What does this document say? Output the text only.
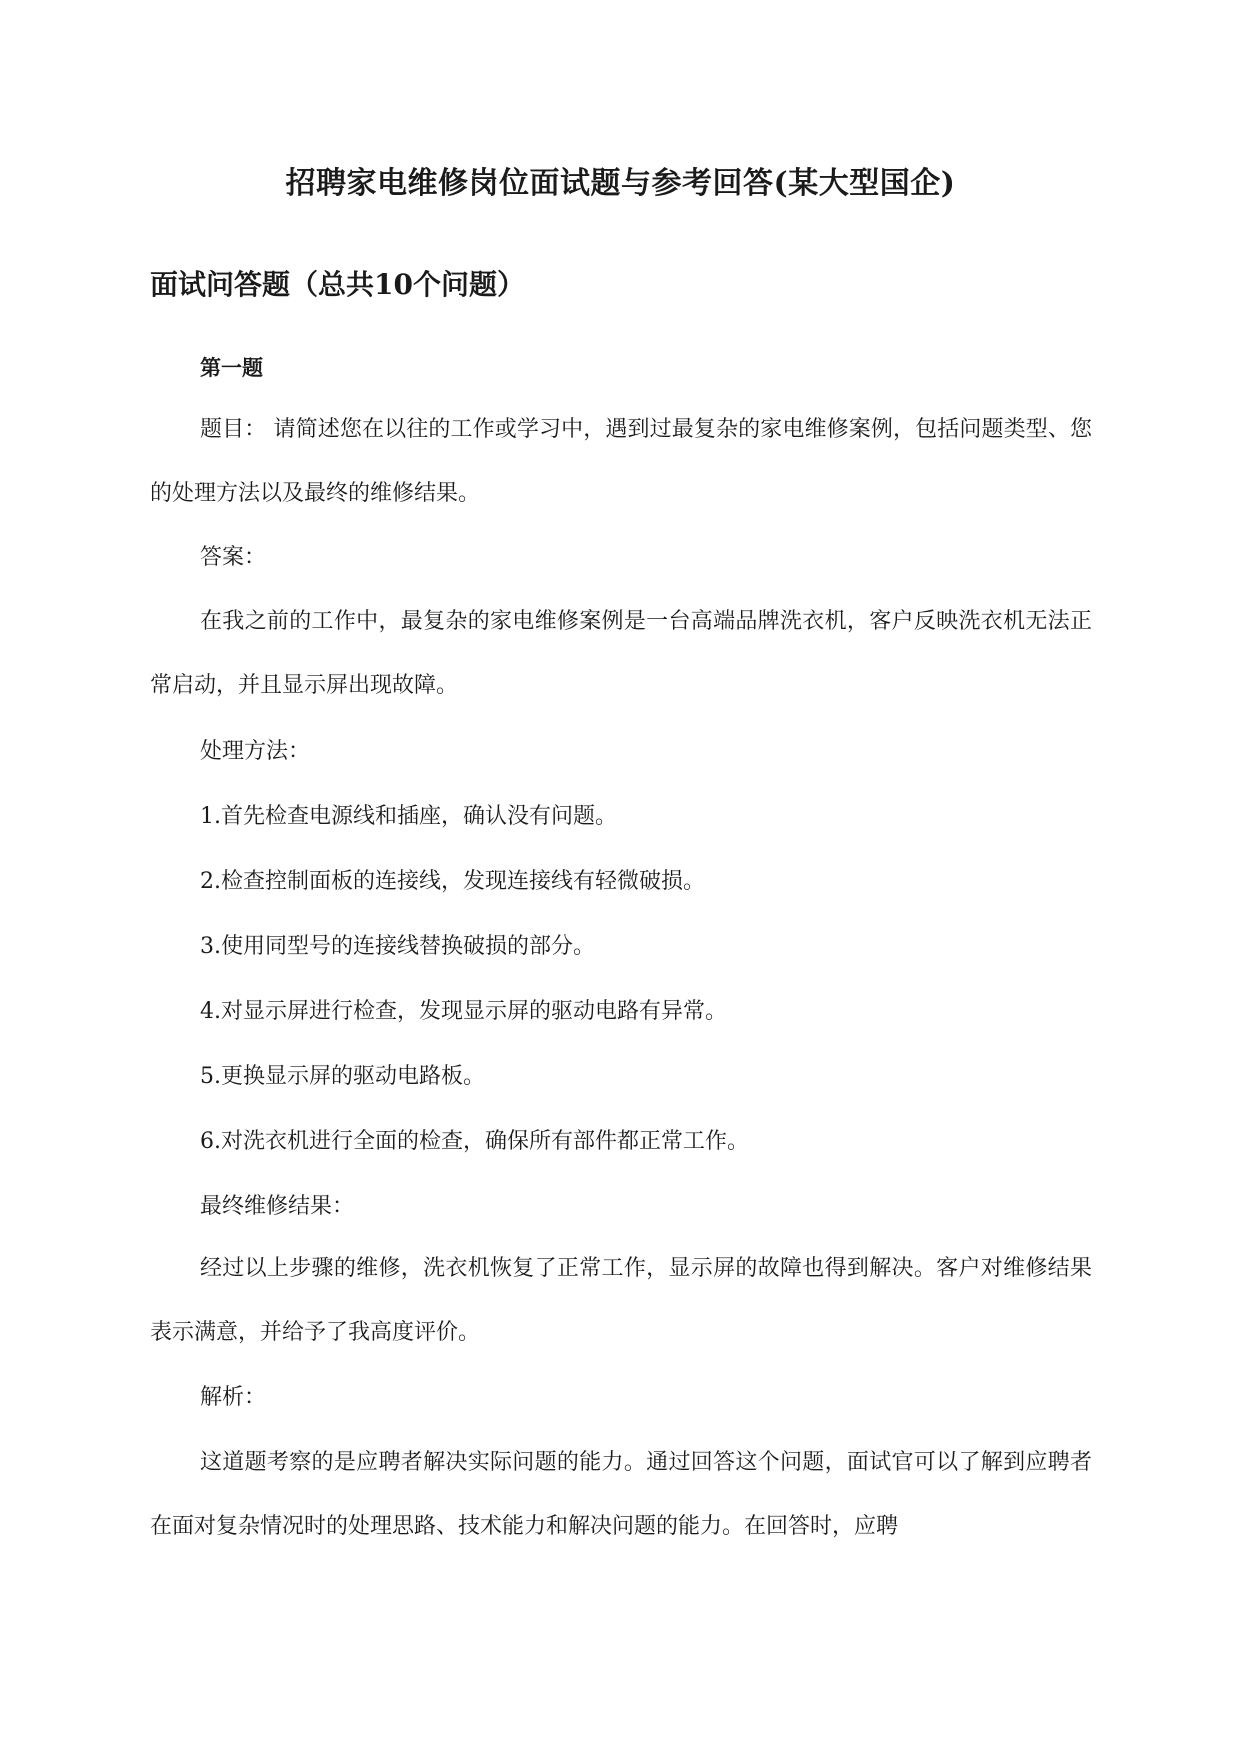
招聘家电维修岗位面试题与参考回答(某大型国企)
面试问答题（总共10个问题）
第一题

题目： 请简述您在以往的工作或学习中，遇到过最复杂的家电维修案例，包括问题类型、您的处理方法以及最终的维修结果。

答案：

在我之前的工作中，最复杂的家电维修案例是一台高端品牌洗衣机，客户反映洗衣机无法正常启动，并且显示屏出现故障。

处理方法：

1.首先检查电源线和插座，确认没有问题。

2.检查控制面板的连接线，发现连接线有轻微破损。

3.使用同型号的连接线替换破损的部分。

4.对显示屏进行检查，发现显示屏的驱动电路有异常。

5.更换显示屏的驱动电路板。

6.对洗衣机进行全面的检查，确保所有部件都正常工作。

最终维修结果：

经过以上步骤的维修，洗衣机恢复了正常工作，显示屏的故障也得到解决。客户对维修结果表示满意，并给予了我高度评价。

解析：

这道题考察的是应聘者解决实际问题的能力。通过回答这个问题，面试官可以了解到应聘者在面对复杂情况时的处理思路、技术能力和解决问题的能力。在回答时，应聘
